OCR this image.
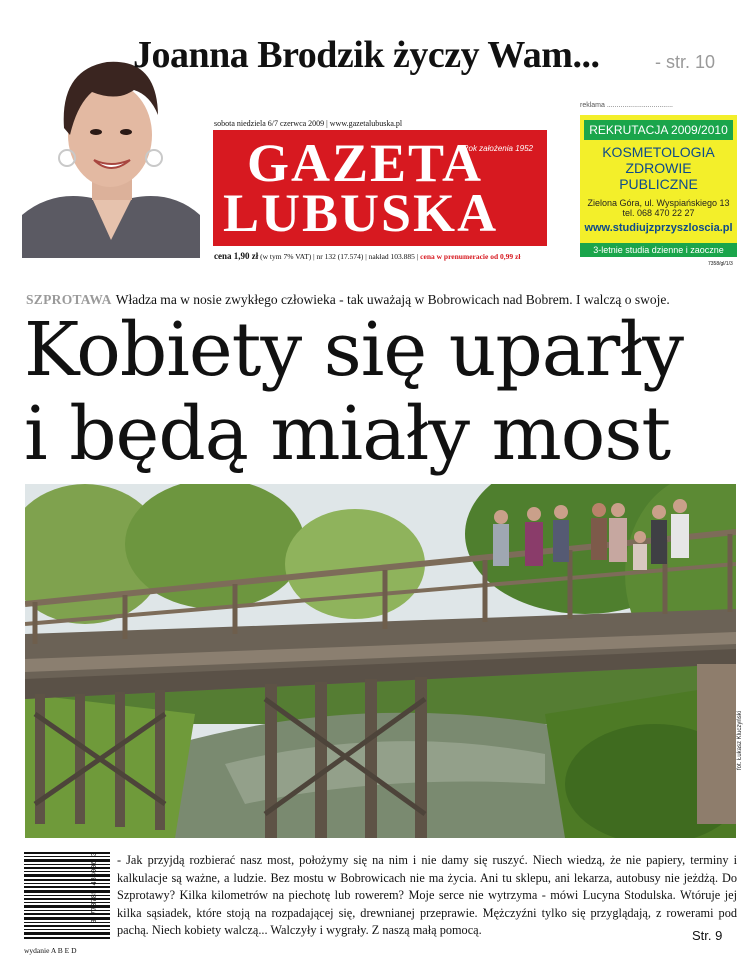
Joanna Brodzik życzy Wam...	- str. 10
sobota niedziela 6/7 czerwca 2009 | www.gazetalubuska.pl
Rok założenia 1952
GAZETA
LUBUSKA
cena 1,90 zł (w tym 7% VAT) | nr 132 (17.574) | nakład 103.885 | cena w prenumeracie od 0,99 zł
reklama ..................................
REKRUTACJA 2009/2010
KOSMETOLOGIA
ZDROWIE
PUBLICZNE
Zielona Góra, ul. Wyspiańskiego 13
tel. 068 470 22 27
www.studiujzprzyszloscia.pl
3-letnie studia dzienne i zaoczne
7358/gl/1/3
SZPROTAWA Władza ma w nosie zwykłego człowieka - tak uważają w Bobrowicach nad Bobrem. I walczą o swoje.
Kobiety się uparły
i będą miały most
fot. Łukasz Kluczyński
9 770785 483006 3
wydanie A B E D
- Jak przyjdą rozbierać nasz most, położymy się na nim i nie damy się ruszyć. Niech wiedzą, że nie papiery, terminy i kalkulacje są ważne, a ludzie. Bez mostu w Bobrowicach nie ma życia. Ani tu sklepu, ani lekarza, autobusy nie jeżdżą. Do Szprotawy? Kilka kilometrów na piechotę lub rowerem? Moje serce nie wytrzyma - mówi Lucyna Stodulska. Wtóruje jej kilka sąsiadek, które stoją na rozpadającej się, drewnianej przeprawie. Mężczyźni tylko się przyglądają, z rowerami pod pachą. Niech kobiety walczą... Walczyły i wygrały. Z naszą małą pomocą.	Str. 9
